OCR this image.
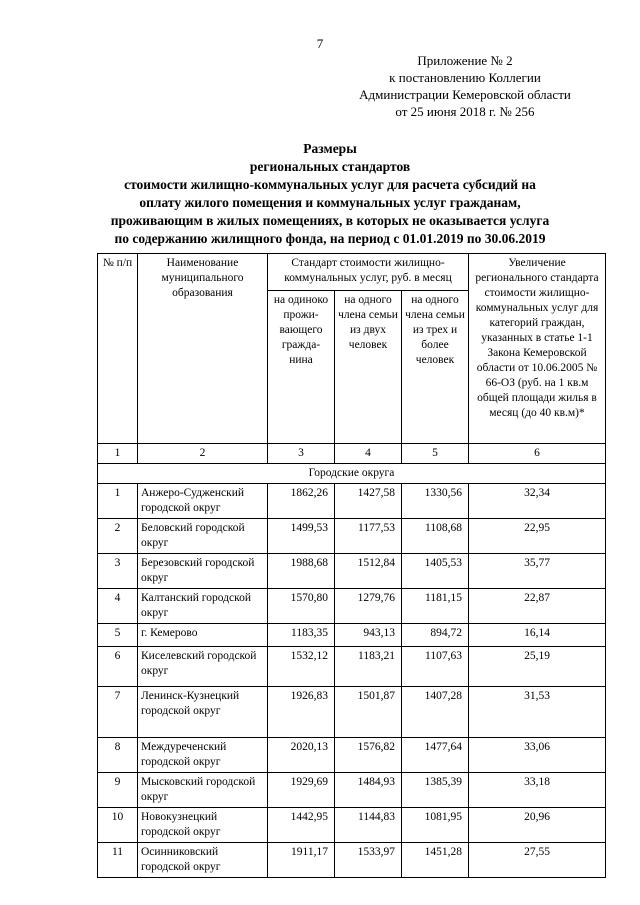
7
Приложение № 2
к постановлению Коллегии
Администрации Кемеровской области
от 25 июня 2018 г. № 256
Размеры
региональных стандартов
стоимости жилищно-коммунальных услуг для расчета субсидий на
оплату жилого помещения и коммунальных услуг гражданам,
проживающим в жилых помещениях, в которых не оказывается услуга
по содержанию жилищного фонда, на период с 01.01.2019 по 30.06.2019
№ п/п	Наименование муниципального образования	Стандарт стоимости жилищно-коммунальных услуг, руб. в месяц			Увеличение регионального стандарта стоимости жилищно-коммунальных услуг для категорий граждан, указанных в статье 1-1 Закона Кемеровской области от 10.06.2005 № 66-ОЗ (руб. на 1 кв.м общей площади жилья в месяц (до 40 кв.м)*
		на одиноко прожи-вающего гражда-нина	на одного члена семьи из двух человек	на одного члена семьи из трех и более человек	
1	2	3	4	5	6
Городские округа					
1	Анжеро-Судженский городской округ	1862,26	1427,58	1330,56	32,34
2	Беловский городской округ	1499,53	1177,53	1108,68	22,95
3	Березовский городской округ	1988,68	1512,84	1405,53	35,77
4	Калтанский городской округ	1570,80	1279,76	1181,15	22,87
5	г. Кемерово	1183,35	943,13	894,72	16,14
6	Киселевский городской округ	1532,12	1183,21	1107,63	25,19
7	Ленинск-Кузнецкий городской округ	1926,83	1501,87	1407,28	31,53
8	Междуреченский городской округ	2020,13	1576,82	1477,64	33,06
9	Мысковский городской округ	1929,69	1484,93	1385,39	33,18
10	Новокузнецкий городской округ	1442,95	1144,83	1081,95	20,96
11	Осинниковский городской округ	1911,17	1533,97	1451,28	27,55
